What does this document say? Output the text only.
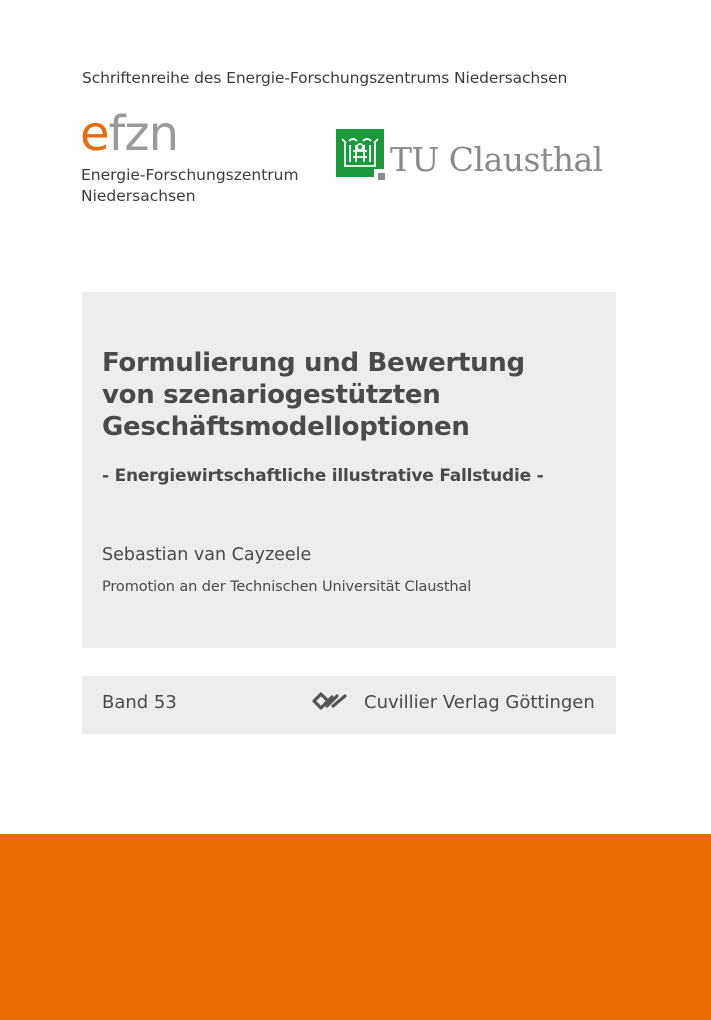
Schriftenreihe des Energie-Forschungszentrums Niedersachsen
efzn
Energie-Forschungszentrum
Niedersachsen
TU Clausthal
Formulierung und Bewertung
von szenariogestützten
Geschäftsmodelloptionen
- Energiewirtschaftliche illustrative Fallstudie -
Sebastian van Cayzeele
Promotion an der Technischen Universität Clausthal
Band 53	Cuvillier Verlag Göttingen
